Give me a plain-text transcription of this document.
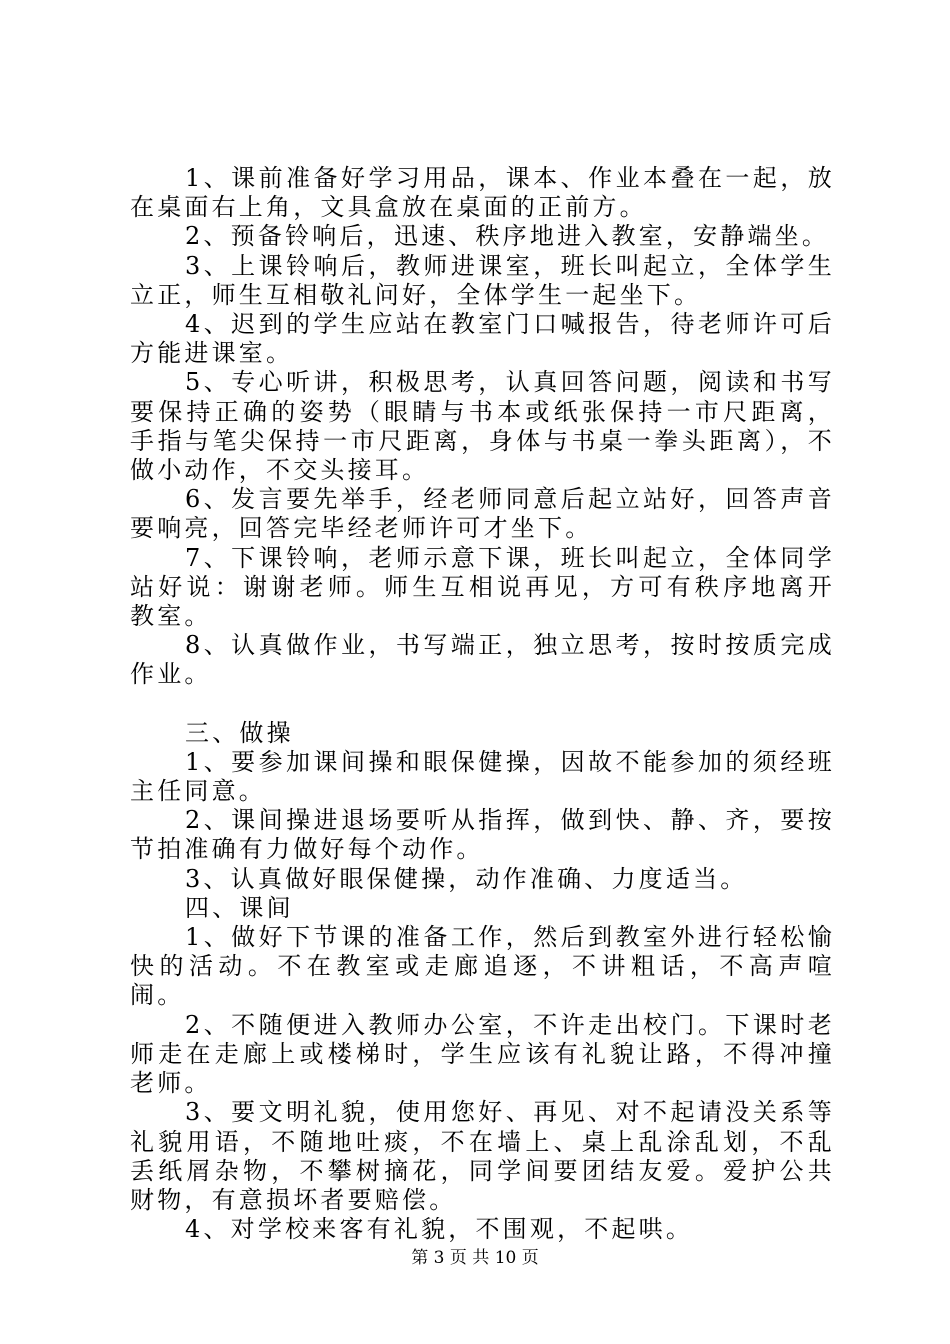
1、课前准备好学习用品，课本、作业本叠在一起，放在桌面右上角，文具盒放在桌面的正前方。

2、预备铃响后，迅速、秩序地进入教室，安静端坐。

3、上课铃响后，教师进课室，班长叫起立，全体学生立正，师生互相敬礼问好，全体学生一起坐下。

4、迟到的学生应站在教室门口喊报告，待老师许可后方能进课室。

5、专心听讲，积极思考，认真回答问题，阅读和书写要保持正确的姿势（眼睛与书本或纸张保持一市尺距离，手指与笔尖保持一市尺距离，身体与书桌一拳头距离），不做小动作，不交头接耳。

6、发言要先举手，经老师同意后起立站好，回答声音要响亮，回答完毕经老师许可才坐下。

7、下课铃响，老师示意下课，班长叫起立，全体同学站好说：谢谢老师。师生互相说再见，方可有秩序地离开教室。

8、认真做作业，书写端正，独立思考，按时按质完成作业。

三、做操

1、要参加课间操和眼保健操，因故不能参加的须经班主任同意。

2、课间操进退场要听从指挥，做到快、静、齐，要按节拍准确有力做好每个动作。

3、认真做好眼保健操，动作准确、力度适当。

四、课间

1、做好下节课的准备工作，然后到教室外进行轻松愉快的活动。不在教室或走廊追逐，不讲粗话，不高声喧闹。

2、不随便进入教师办公室，不许走出校门。下课时老师走在走廊上或楼梯时，学生应该有礼貌让路，不得冲撞老师。

3、要文明礼貌，使用您好、再见、对不起请没关系等礼貌用语，不随地吐痰，不在墙上、桌上乱涂乱划，不乱丢纸屑杂物，不攀树摘花，同学间要团结友爱。爱护公共财物，有意损坏者要赔偿。

4、对学校来客有礼貌，不围观，不起哄。

第 3 页 共 10 页
